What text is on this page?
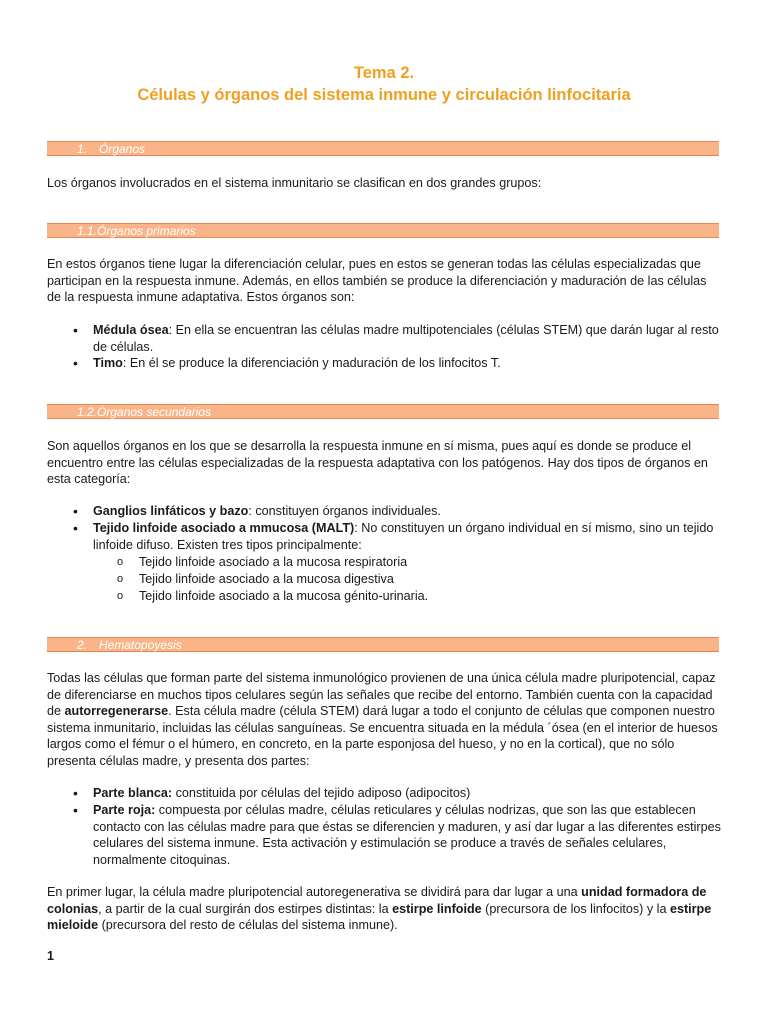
Tema 2.
Células y órganos del sistema inmune y circulación linfocitaria
1. Órganos

Los órganos involucrados en el sistema inmunitario se clasifican en dos grandes grupos:

1.1.Órganos primarios

En estos órganos tiene lugar la diferenciación celular, pues en estos se generan todas las células especializadas que participan en la respuesta inmune. Además, en ellos también se produce la diferenciación y maduración de las células de la respuesta inmune adaptativa. Estos órganos son:

• Médula ósea: En ella se encuentran las células madre multipotenciales (células STEM) que darán lugar al resto de células.

• Timo: En él se produce la diferenciación y maduración de los linfocitos T.

1.2.Órganos secundarios

Son aquellos órganos en los que se desarrolla la respuesta inmune en sí misma, pues aquí es donde se produce el encuentro entre las células especializadas de la respuesta adaptativa con los patógenos. Hay dos tipos de órganos en esta categoría:

• Ganglios linfáticos y bazo: constituyen órganos individuales.

• Tejido linfoide asociado a mmucosa (MALT): No constituyen un órgano individual en sí mismo, sino un tejido linfoide difuso. Existen tres tipos principalmente:

o Tejido linfoide asociado a la mucosa respiratoria

o Tejido linfoide asociado a la mucosa digestiva

o Tejido linfoide asociado a la mucosa génito-urinaria.

2. Hematopoyesis

Todas las células que forman parte del sistema inmunológico provienen de una única célula madre pluripotencial, capaz de diferenciarse en muchos tipos celulares según las señales que recibe del entorno. También cuenta con la capacidad de autorregenerarse. Esta célula madre (célula STEM) dará lugar a todo el conjunto de células que componen nuestro sistema inmunitario, incluidas las células sanguíneas. Se encuentra situada en la médula ´ósea (en el interior de huesos largos como el fémur o el húmero, en concreto, en la parte esponjosa del hueso, y no en la cortical), que no sólo presenta células madre, y presenta dos partes:

• Parte blanca: constituida por células del tejido adiposo (adipocitos)

• Parte roja: compuesta por células madre, células reticulares y células nodrizas, que son las que establecen contacto con las células madre para que éstas se diferencien y maduren, y así dar lugar a las diferentes estirpes celulares del sistema inmune. Esta activación y estimulación se produce a través de señales celulares, normalmente citoquinas.

En primer lugar, la célula madre pluripotencial autoregenerativa se dividirá para dar lugar a una unidad formadora de colonias, a partir de la cual surgirán dos estirpes distintas: la estirpe linfoide (precursora de los linfocitos) y la estirpe mieloide (precursora del resto de células del sistema inmune).

1
